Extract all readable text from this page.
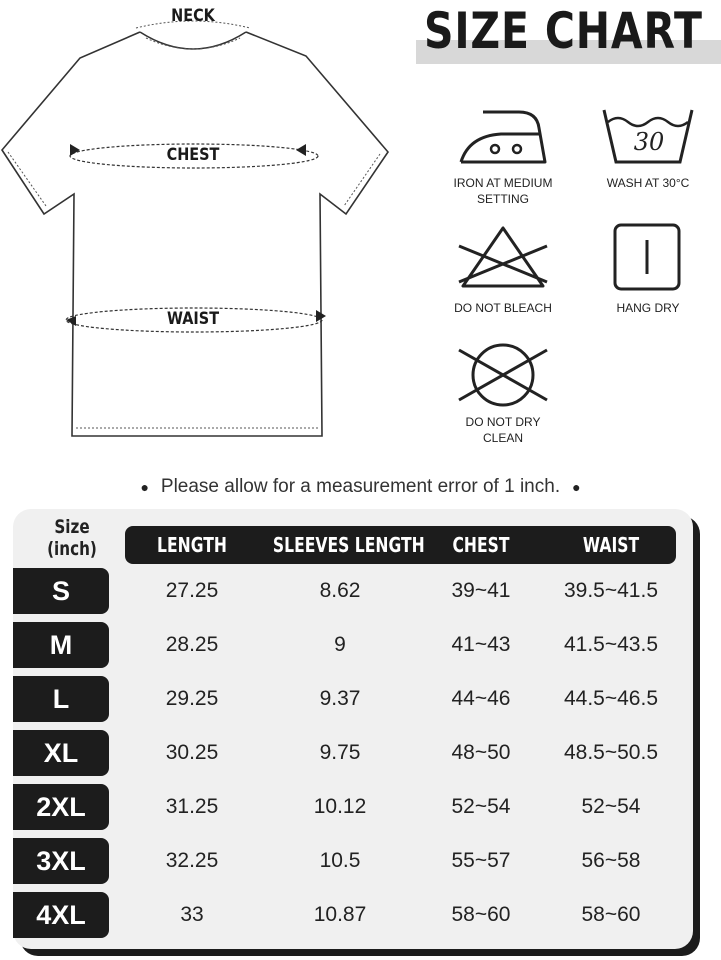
SIZE CHART
NECK
CHEST
WAIST
30
IRON AT MEDIUM SETTING
WASH AT 30°C
DO NOT BLEACH	HANG DRY
DO NOT DRY CLEAN
● Please allow for a measurement error of 1 inch. ●
Size
(inch)	LENGTH	SLEEVES LENGTH	CHEST	WAIST
S	27.25	8.62	39~41	39.5~41.5
M	28.25	9	41~43	41.5~43.5
L	29.25	9.37	44~46	44.5~46.5
XL	30.25	9.75	48~50	48.5~50.5
2XL	31.25	10.12	52~54	52~54
3XL	32.25	10.5	55~57	56~58
4XL	33	10.87	58~60	58~60
